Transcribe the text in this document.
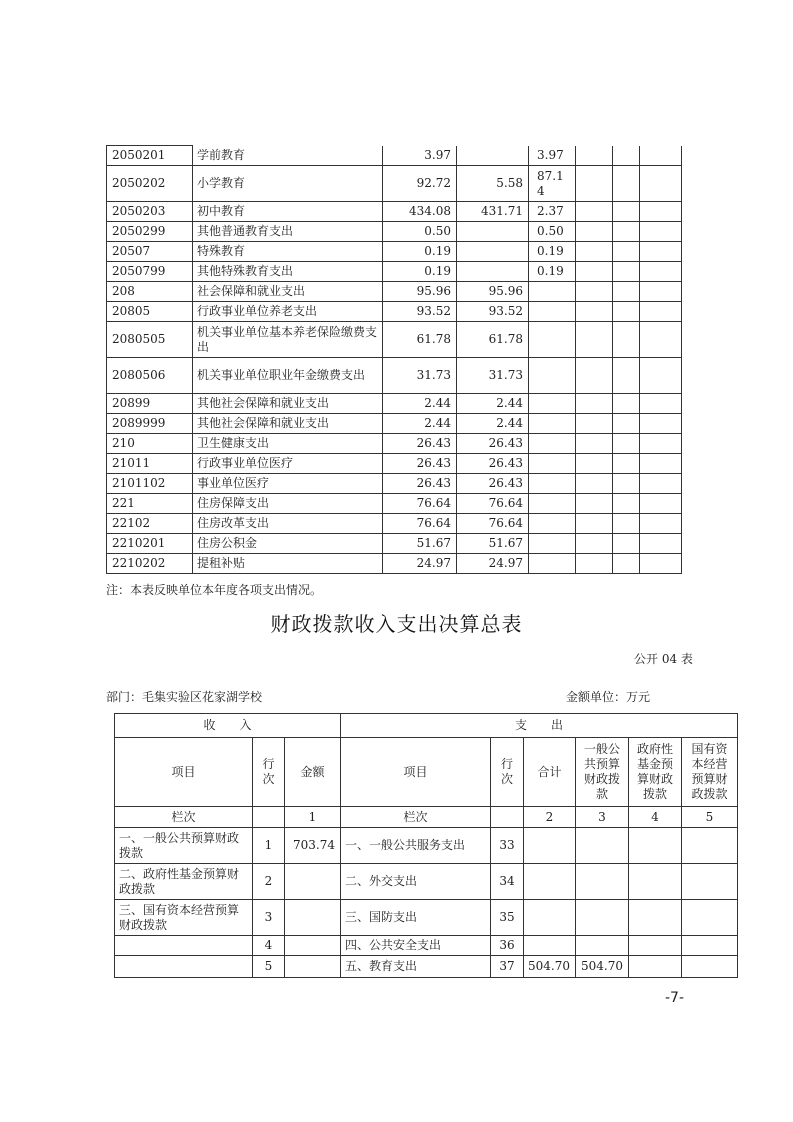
2050201	学前教育	3.97		3.97			
2050202	小学教育	92.72	5.58	87.14			
2050203	初中教育	434.08	431.71	2.37			
2050299	其他普通教育支出	0.50		0.50			
20507	特殊教育	0.19		0.19			
2050799	其他特殊教育支出	0.19		0.19			
208	社会保障和就业支出	95.96	95.96				
20805	行政事业单位养老支出	93.52	93.52				
2080505	机关事业单位基本养老保险缴费支出	61.78	61.78				
2080506	机关事业单位职业年金缴费支出	31.73	31.73				
20899	其他社会保障和就业支出	2.44	2.44				
2089999	其他社会保障和就业支出	2.44	2.44				
210	卫生健康支出	26.43	26.43				
21011	行政事业单位医疗	26.43	26.43				
2101102	事业单位医疗	26.43	26.43				
221	住房保障支出	76.64	76.64				
22102	住房改革支出	76.64	76.64				
2210201	住房公积金	51.67	51.67				
2210202	提租补贴	24.97	24.97				
注：本表反映单位本年度各项支出情况。
财政拨款收入支出决算总表
公开 04 表
部门：毛集实验区花家湖学校	金额单位：万元
收　　入			支　　出					
项目	行次	金额	项目	行次	合计	一般公共预算财政拨款	政府性基金预算财政拨款	国有资本经营预算财政拨款
栏次		1	栏次		2	3	4	5
一、一般公共预算财政拨款	1	703.74	一、一般公共服务支出	33				
二、政府性基金预算财政拨款	2		二、外交支出	34				
三、国有资本经营预算财政拨款	3		三、国防支出	35				
	4		四、公共安全支出	36				
	5		五、教育支出	37	504.70	504.70		
-7-
